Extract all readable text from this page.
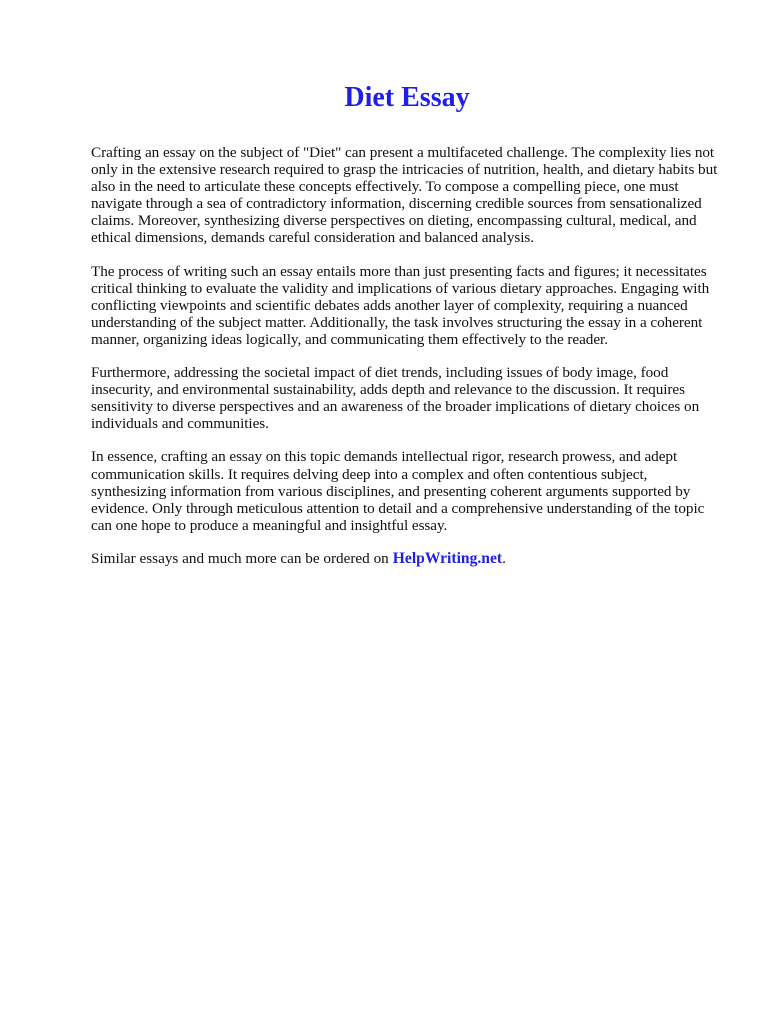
Diet Essay

Crafting an essay on the subject of "Diet" can present a multifaceted challenge. The complexity lies not only in the extensive research required to grasp the intricacies of nutrition, health, and dietary habits but also in the need to articulate these concepts effectively. To compose a compelling piece, one must navigate through a sea of contradictory information, discerning credible sources from sensationalized claims. Moreover, synthesizing diverse perspectives on dieting, encompassing cultural, medical, and ethical dimensions, demands careful consideration and balanced analysis.

The process of writing such an essay entails more than just presenting facts and figures; it necessitates critical thinking to evaluate the validity and implications of various dietary approaches. Engaging with conflicting viewpoints and scientific debates adds another layer of complexity, requiring a nuanced understanding of the subject matter. Additionally, the task involves structuring the essay in a coherent manner, organizing ideas logically, and communicating them effectively to the reader.

Furthermore, addressing the societal impact of diet trends, including issues of body image, food insecurity, and environmental sustainability, adds depth and relevance to the discussion. It requires sensitivity to diverse perspectives and an awareness of the broader implications of dietary choices on individuals and communities.

In essence, crafting an essay on this topic demands intellectual rigor, research prowess, and adept communication skills. It requires delving deep into a complex and often contentious subject, synthesizing information from various disciplines, and presenting coherent arguments supported by evidence. Only through meticulous attention to detail and a comprehensive understanding of the topic can one hope to produce a meaningful and insightful essay.

Similar essays and much more can be ordered on HelpWriting.net.
